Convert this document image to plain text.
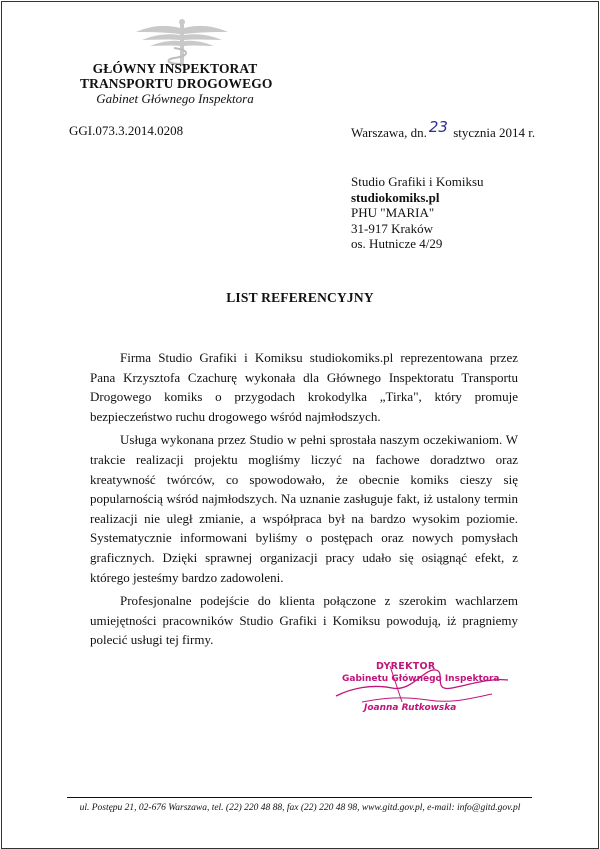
GŁÓWNY INSPEKTORAT
TRANSPORTU DROGOWEGO
Gabinet Głównego Inspektora
GGI.073.3.2014.0208	Warszawa, dn. 23 stycznia 2014 r.
Studio Grafiki i Komiksu
studiokomiks.pl
PHU "MARIA"
31-917 Kraków
os. Hutnicze 4/29
LIST REFERENCYJNY

Firma Studio Grafiki i Komiksu studiokomiks.pl reprezentowana przez Pana Krzysztofa Czachurę wykonała dla Głównego Inspektoratu Transportu Drogowego komiks o przygodach krokodylka „Tirka", który promuje bezpieczeństwo ruchu drogowego wśród najmłodszych.

Usługa wykonana przez Studio w pełni sprostała naszym oczekiwaniom. W trakcie realizacji projektu mogliśmy liczyć na fachowe doradztwo oraz kreatywność twórców, co spowodowało, że obecnie komiks cieszy się popularnością wśród najmłodszych. Na uznanie zasługuje fakt, iż ustalony termin realizacji nie uległ zmianie, a współpraca był na bardzo wysokim poziomie. Systematycznie informowani byliśmy o postępach oraz nowych pomysłach graficznych. Dzięki sprawnej organizacji pracy udało się osiągnąć efekt, z którego jesteśmy bardzo zadowoleni.

Profesjonalne podejście do klienta połączone z szerokim wachlarzem umiejętności pracowników Studio Grafiki i Komiksu powodują, iż pragniemy polecić usługi tej firmy.

DYREKTOR
Gabinetu Głównego Inspektora
Joanna Rutkowska
ul. Postępu 21, 02-676 Warszawa, tel. (22) 220 48 88, fax (22) 220 48 98, www.gitd.gov.pl, e-mail: info@gitd.gov.pl
